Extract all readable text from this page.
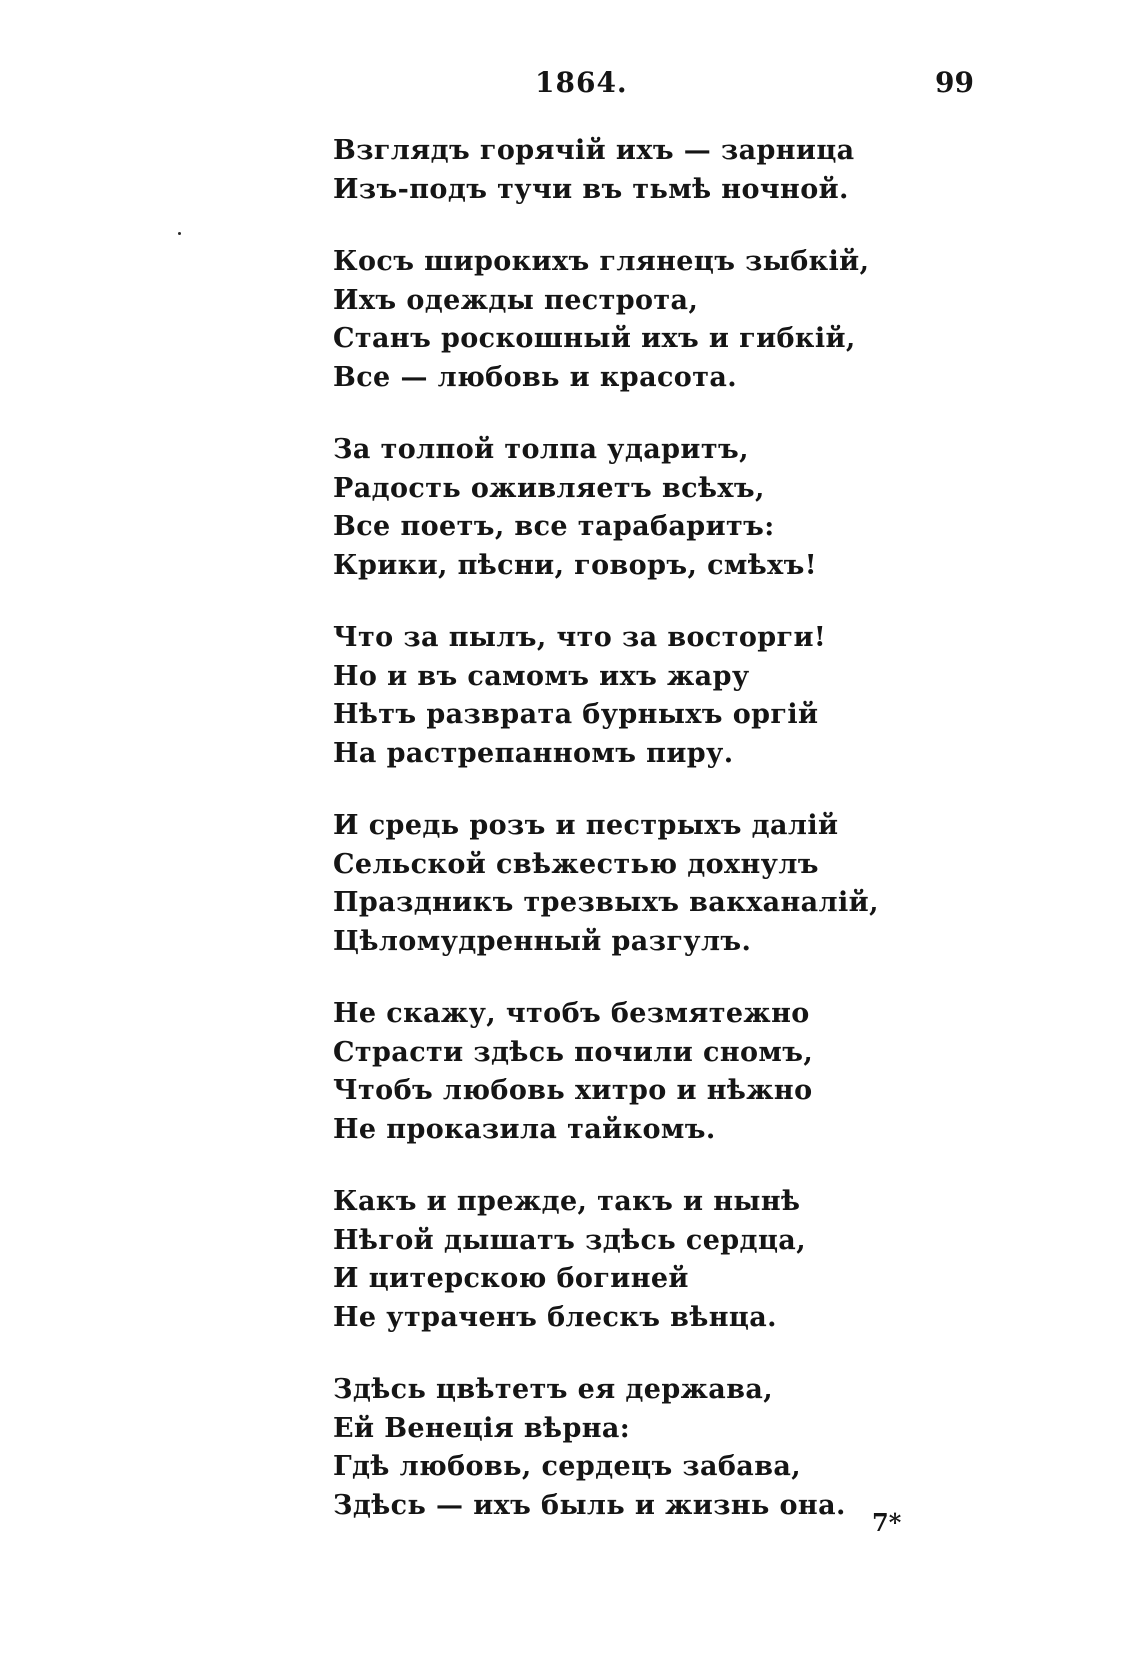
1864.	99
Взглядъ горячій ихъ — зарница
Изъ-подъ тучи въ тьмѣ ночной.
Косъ широкихъ глянецъ зыбкій,
Ихъ одежды пестрота,
Станъ роскошный ихъ и гибкій,
Все — любовь и красота.
За толпой толпа ударитъ,
Радость оживляетъ всѣхъ,
Все поетъ, все тарабаритъ:
Крики, пѣсни, говоръ, смѣхъ!
Что за пылъ, что за восторги!
Но и въ самомъ ихъ жару
Нѣтъ разврата бурныхъ оргій
На растрепанномъ пиру.
И средь розъ и пестрыхъ далій
Сельской свѣжестью дохнулъ
Праздникъ трезвыхъ вакханалій,
Цѣломудренный разгулъ.
Не скажу, чтобъ безмятежно
Страсти здѣсь почили сномъ,
Чтобъ любовь хитро и нѣжно
Не проказила тайкомъ.
Какъ и прежде, такъ и нынѣ
Нѣгой дышатъ здѣсь сердца,
И цитерскою богиней
Не утраченъ блескъ вѣнца.
Здѣсь цвѣтетъ ея держава,
Ей Венеція вѣрна:
Гдѣ любовь, сердецъ забава,
Здѣсь — ихъ быль и жизнь она.
7*
